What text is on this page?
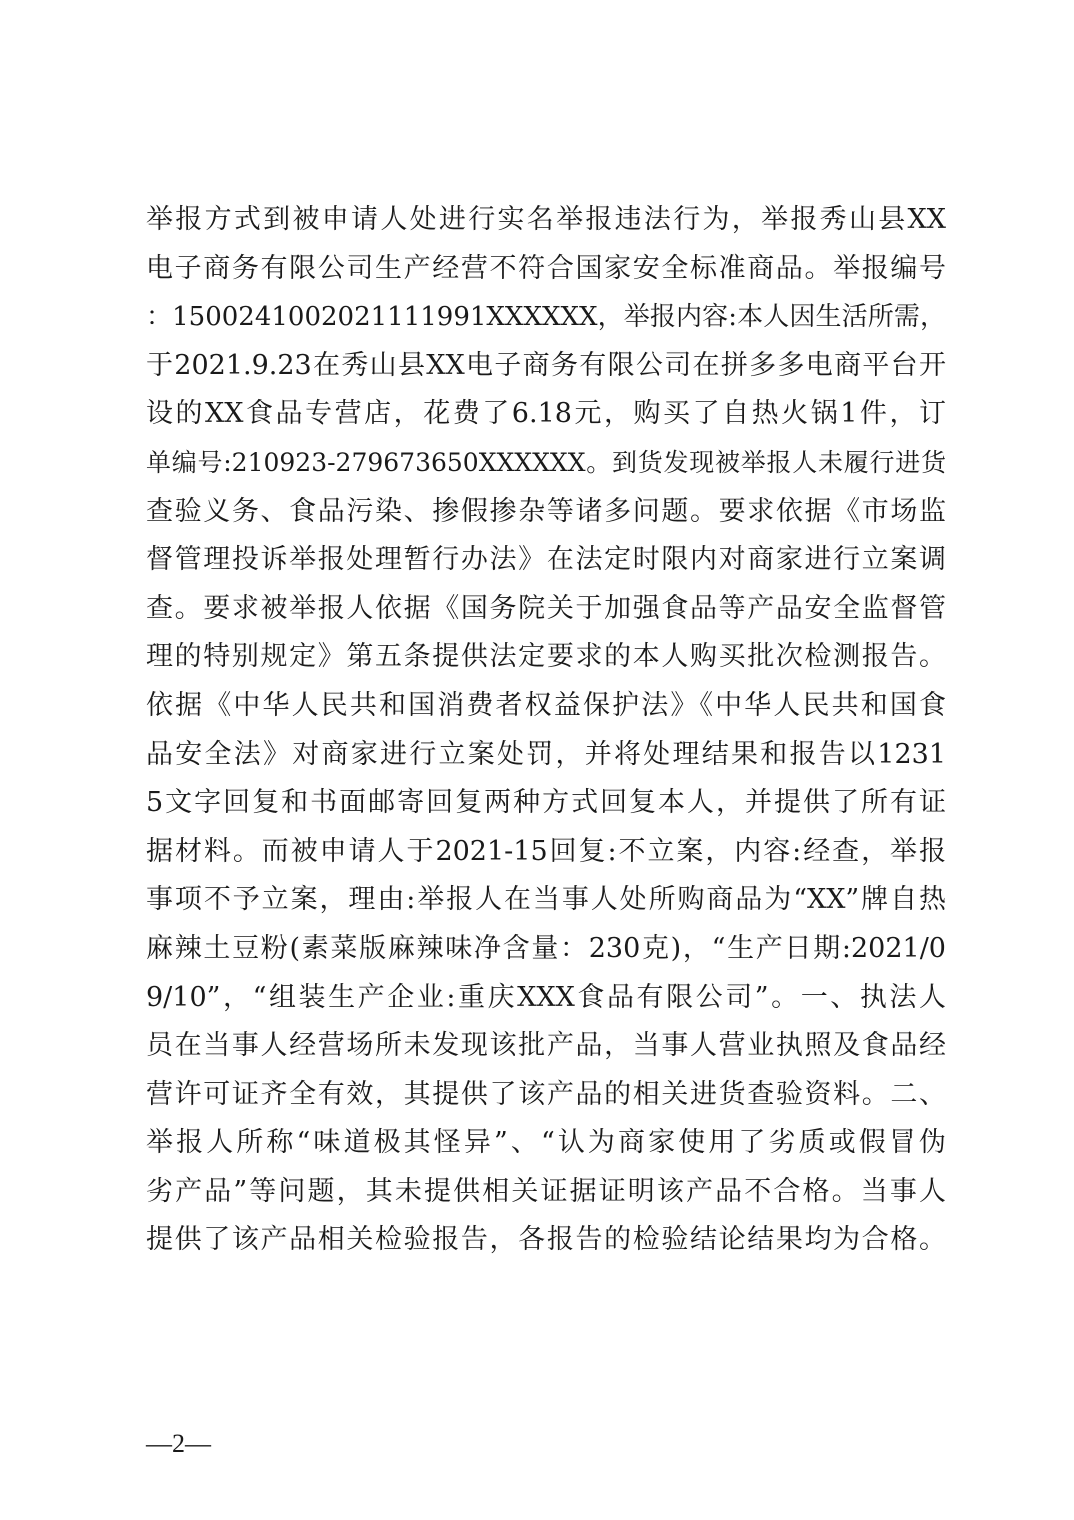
举报方式到被申请人处进行实名举报违法行为，举报秀山县XX
电子商务有限公司生产经营不符合国家安全标准商品。举报编号
：1500241002021111991XXXXXX，举报内容:本人因生活所需，
于2021.9.23在秀山县XX电子商务有限公司在拼多多电商平台开
设的XX食品专营店，花费了6.18元，购买了自热火锅1件，订
单编号:210923-279673650XXXXXX。到货发现被举报人未履行进货
查验义务、食品污染、掺假掺杂等诸多问题。要求依据《市场监
督管理投诉举报处理暂行办法》在法定时限内对商家进行立案调
查。要求被举报人依据《国务院关于加强食品等产品安全监督管
理的特别规定》第五条提供法定要求的本人购买批次检测报告。
依据《中华人民共和国消费者权益保护法》《中华人民共和国食
品安全法》对商家进行立案处罚，并将处理结果和报告以1231
5文字回复和书面邮寄回复两种方式回复本人，并提供了所有证
据材料。而被申请人于2021-15回复:不立案，内容:经查，举报
事项不予立案，理由:举报人在当事人处所购商品为“XX”牌自热
麻辣土豆粉(素菜版麻辣味净含量：230克)，“生产日期:2021/0
9/10”，“组装生产企业:重庆XXX食品有限公司”。一、执法人
员在当事人经营场所未发现该批产品，当事人营业执照及食品经
营许可证齐全有效，其提供了该产品的相关进货查验资料。二、
举报人所称“味道极其怪异”、“认为商家使用了劣质或假冒伪
劣产品”等问题，其未提供相关证据证明该产品不合格。当事人
提供了该产品相关检验报告，各报告的检验结论结果均为合格。
—2—
